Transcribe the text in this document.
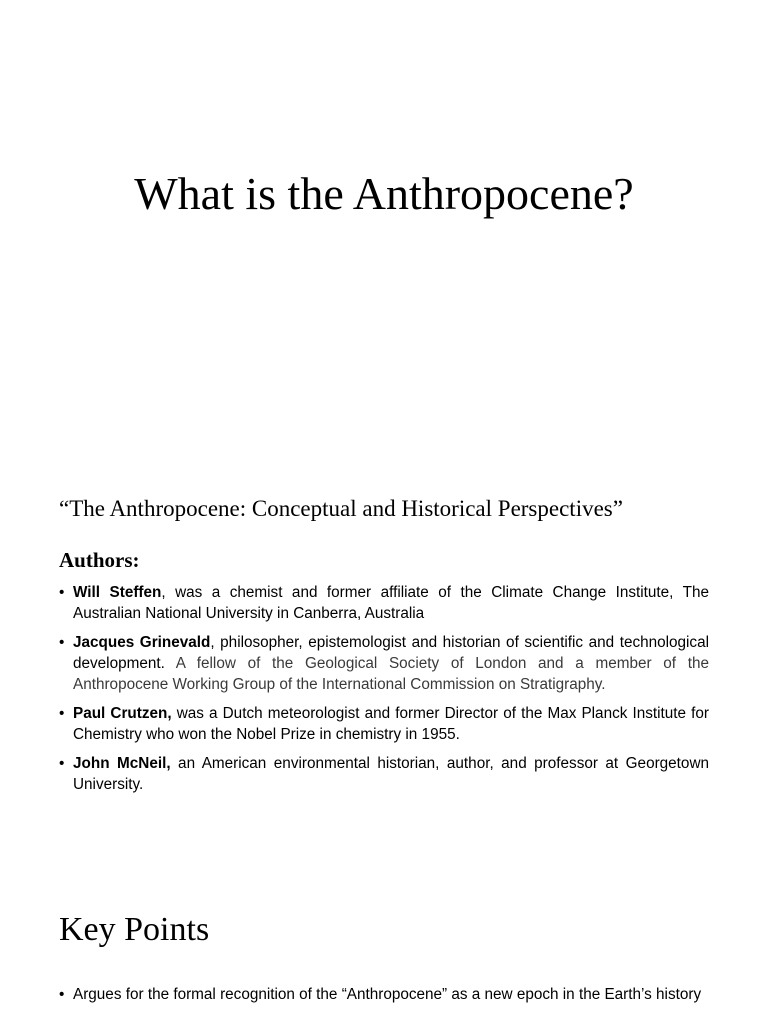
What is the Anthropocene?
“The Anthropocene: Conceptual and Historical Perspectives”
Authors:
• Will Steffen, was a chemist and former affiliate of the Climate Change Institute, The Australian National University in Canberra, Australia
• Jacques Grinevald, philosopher, epistemologist and historian of scientific and technological development. A fellow of the Geological Society of London and a member of the Anthropocene Working Group of the International Commission on Stratigraphy.
• Paul Crutzen, was a Dutch meteorologist and former Director of the Max Planck Institute for Chemistry who won the Nobel Prize in chemistry in 1955.
• John McNeil, an American environmental historian, author, and professor at Georgetown University.
Key Points
• Argues for the formal recognition of the “Anthropocene” as a new epoch in the Earth’s history
